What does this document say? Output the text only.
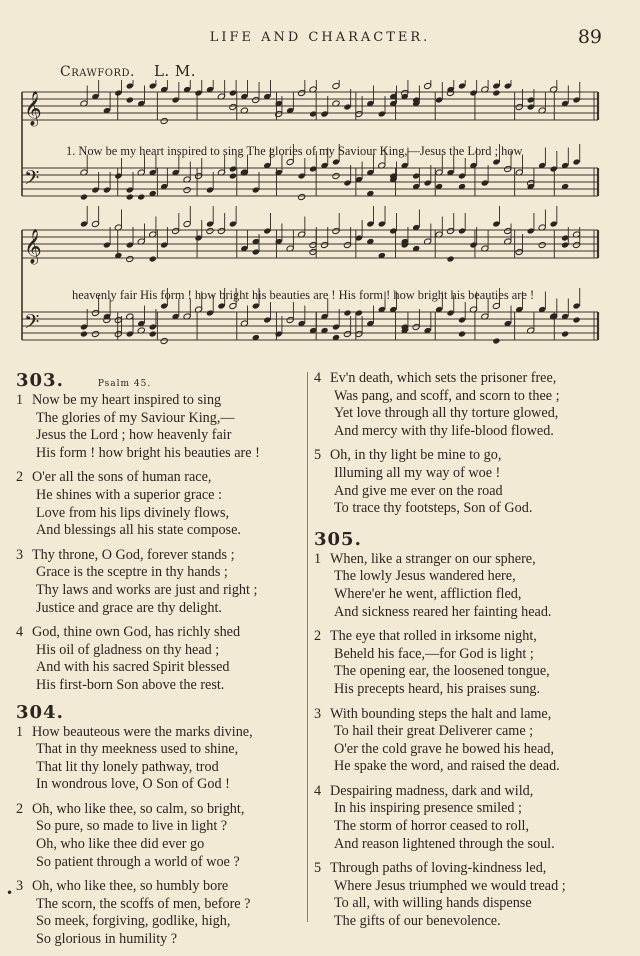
LIFE AND CHARACTER.	89
Crawford. L. M.
𝄞
𝄢
𝄞
𝄢
1. Now be my heart inspired to sing The glories of my Saviour King,—Jesus the Lord ; how
heavenly fair His form ! how bright his beauties are ! His form ! how bright his beauties are !
303.	Psalm 45.
1 Now be my heart inspired to sing
The glories of my Saviour King,—
Jesus the Lord ; how heavenly fair
His form ! how bright his beauties are !
2 O'er all the sons of human race,
He shines with a superior grace :
Love from his lips divinely flows,
And blessings all his state compose.
3 Thy throne, O God, forever stands ;
Grace is the sceptre in thy hands ;
Thy laws and works are just and right ;
Justice and grace are thy delight.
4 God, thine own God, has richly shed
His oil of gladness on thy head ;
And with his sacred Spirit blessed
His first-born Son above the rest.
304.
1 How beauteous were the marks divine,
That in thy meekness used to shine,
That lit thy lonely pathway, trod
In wondrous love, O Son of God !
2 Oh, who like thee, so calm, so bright,
So pure, so made to live in light ?
Oh, who like thee did ever go
So patient through a world of woe ?
3 Oh, who like thee, so humbly bore
The scorn, the scoffs of men, before ?
So meek, forgiving, godlike, high,
So glorious in humility ?
4 Ev'n death, which sets the prisoner free,
Was pang, and scoff, and scorn to thee ;
Yet love through all thy torture glowed,
And mercy with thy life-blood flowed.
5 Oh, in thy light be mine to go,
Illuming all my way of woe !
And give me ever on the road
To trace thy footsteps, Son of God.
305.
1 When, like a stranger on our sphere,
The lowly Jesus wandered here,
Where'er he went, affliction fled,
And sickness reared her fainting head.
2 The eye that rolled in irksome night,
Beheld his face,—for God is light ;
The opening ear, the loosened tongue,
His precepts heard, his praises sung.
3 With bounding steps the halt and lame,
To hail their great Deliverer came ;
O'er the cold grave he bowed his head,
He spake the word, and raised the dead.
4 Despairing madness, dark and wild,
In his inspiring presence smiled ;
The storm of horror ceased to roll,
And reason lightened through the soul.
5 Through paths of loving-kindness led,
Where Jesus triumphed we would tread ;
To all, with willing hands dispense
The gifts of our benevolence.
•
